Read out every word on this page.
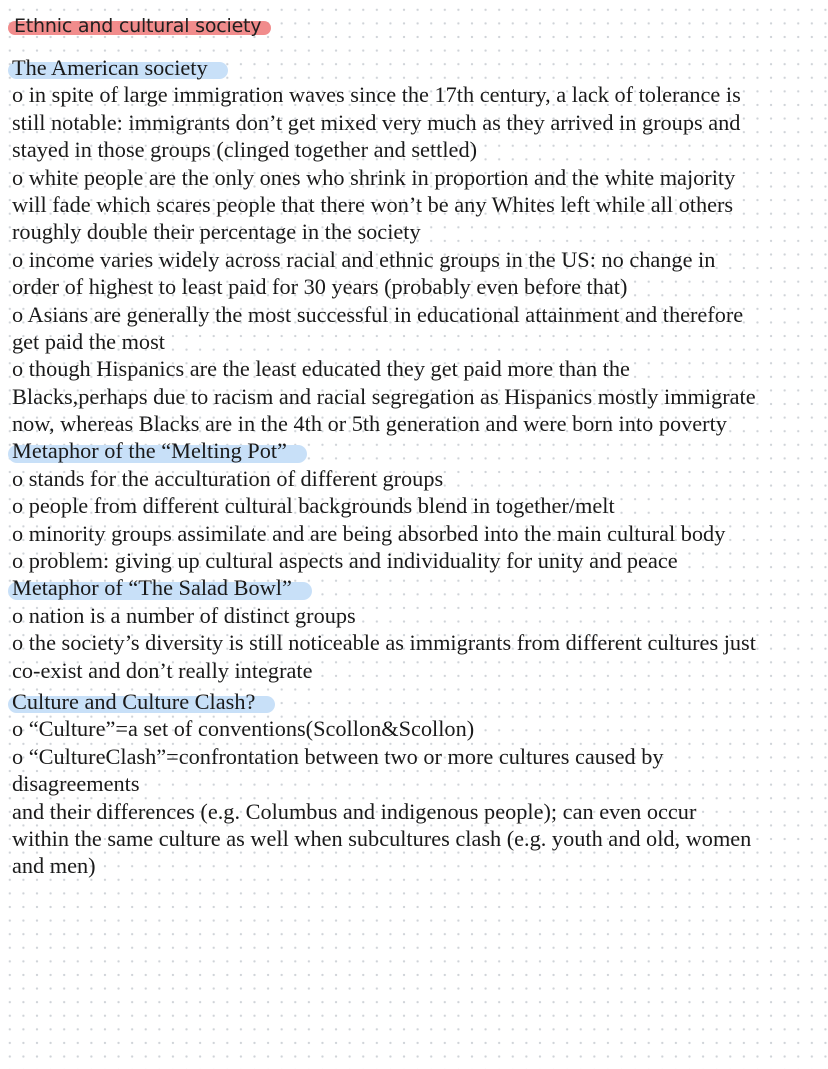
Ethnic and cultural society
The American society
o in spite of large immigration waves since the 17th century, a lack of tolerance is
still notable: immigrants don’t get mixed very much as they arrived in groups and
stayed in those groups (clinged together and settled)
o white people are the only ones who shrink in proportion and the white majority
will fade which scares people that there won’t be any Whites left while all others
roughly double their percentage in the society
o income varies widely across racial and ethnic groups in the US: no change in
order of highest to least paid for 30 years (probably even before that)
o Asians are generally the most successful in educational attainment and therefore
get paid the most
o though Hispanics are the least educated they get paid more than the
Blacks,perhaps due to racism and racial segregation as Hispanics mostly immigrate
now, whereas Blacks are in the 4th or 5th generation and were born into poverty
Metaphor of the “Melting Pot”
o stands for the acculturation of different groups
o people from different cultural backgrounds blend in together/melt
o minority groups assimilate and are being absorbed into the main cultural body
o problem: giving up cultural aspects and individuality for unity and peace
Metaphor of “The Salad Bowl”
o nation is a number of distinct groups
o the society’s diversity is still noticeable as immigrants from different cultures just
co-exist and don’t really integrate
Culture and Culture Clash?
o “Culture”=a set of conventions(Scollon&Scollon)
o “CultureClash”=confrontation between two or more cultures caused by
disagreements
and their differences (e.g. Columbus and indigenous people); can even occur
within the same culture as well when subcultures clash (e.g. youth and old, women
and men)
